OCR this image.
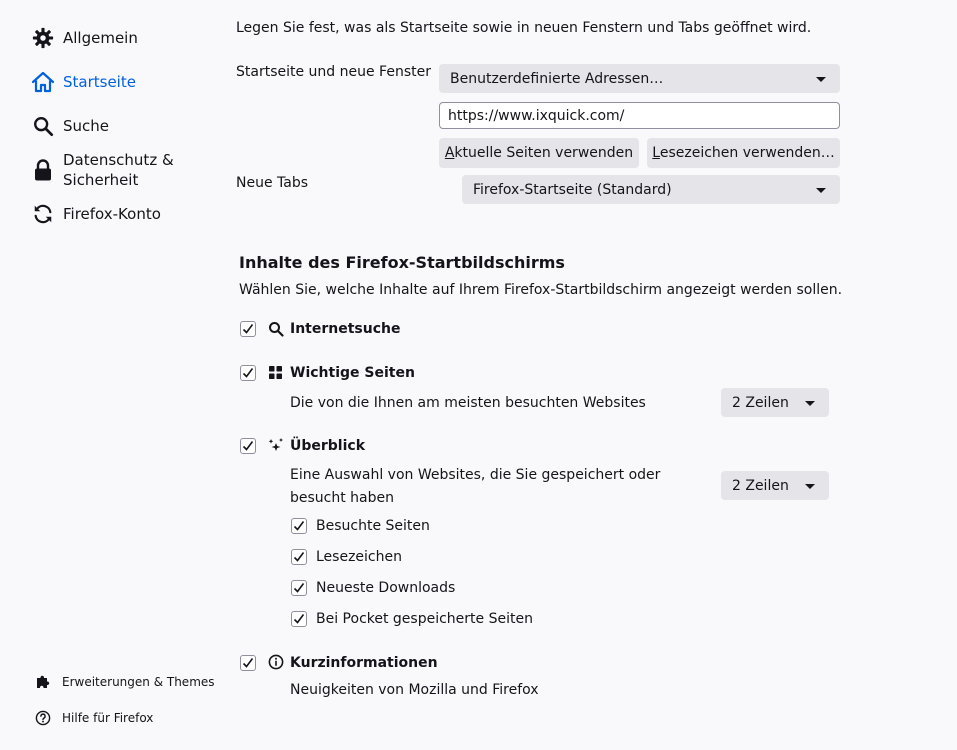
Allgemein
Startseite
Suche
Datenschutz &
Sicherheit
Firefox-Konto
Erweiterungen & Themes
Hilfe für Firefox
Legen Sie fest, was als Startseite sowie in neuen Fenstern und Tabs geöffnet wird.
Startseite und neue Fenster Benutzerdefinierte Adressen…
https://www.ixquick.com/
Aktuelle Seiten verwenden Lesezeichen verwenden…
Neue Tabs	Firefox-Startseite (Standard)
Inhalte des Firefox-Startbildschirms
Wählen Sie, welche Inhalte auf Ihrem Firefox-Startbildschirm angezeigt werden sollen.
Internetsuche
Wichtige Seiten
Die von die Ihnen am meisten besuchten Websites	2 Zeilen
Überblick
Eine Auswahl von Websites, die Sie gespeichert oder besucht haben
2 Zeilen
Besuchte Seiten
Lesezeichen
Neueste Downloads
Bei Pocket gespeicherte Seiten
Kurzinformationen
Neuigkeiten von Mozilla und Firefox
